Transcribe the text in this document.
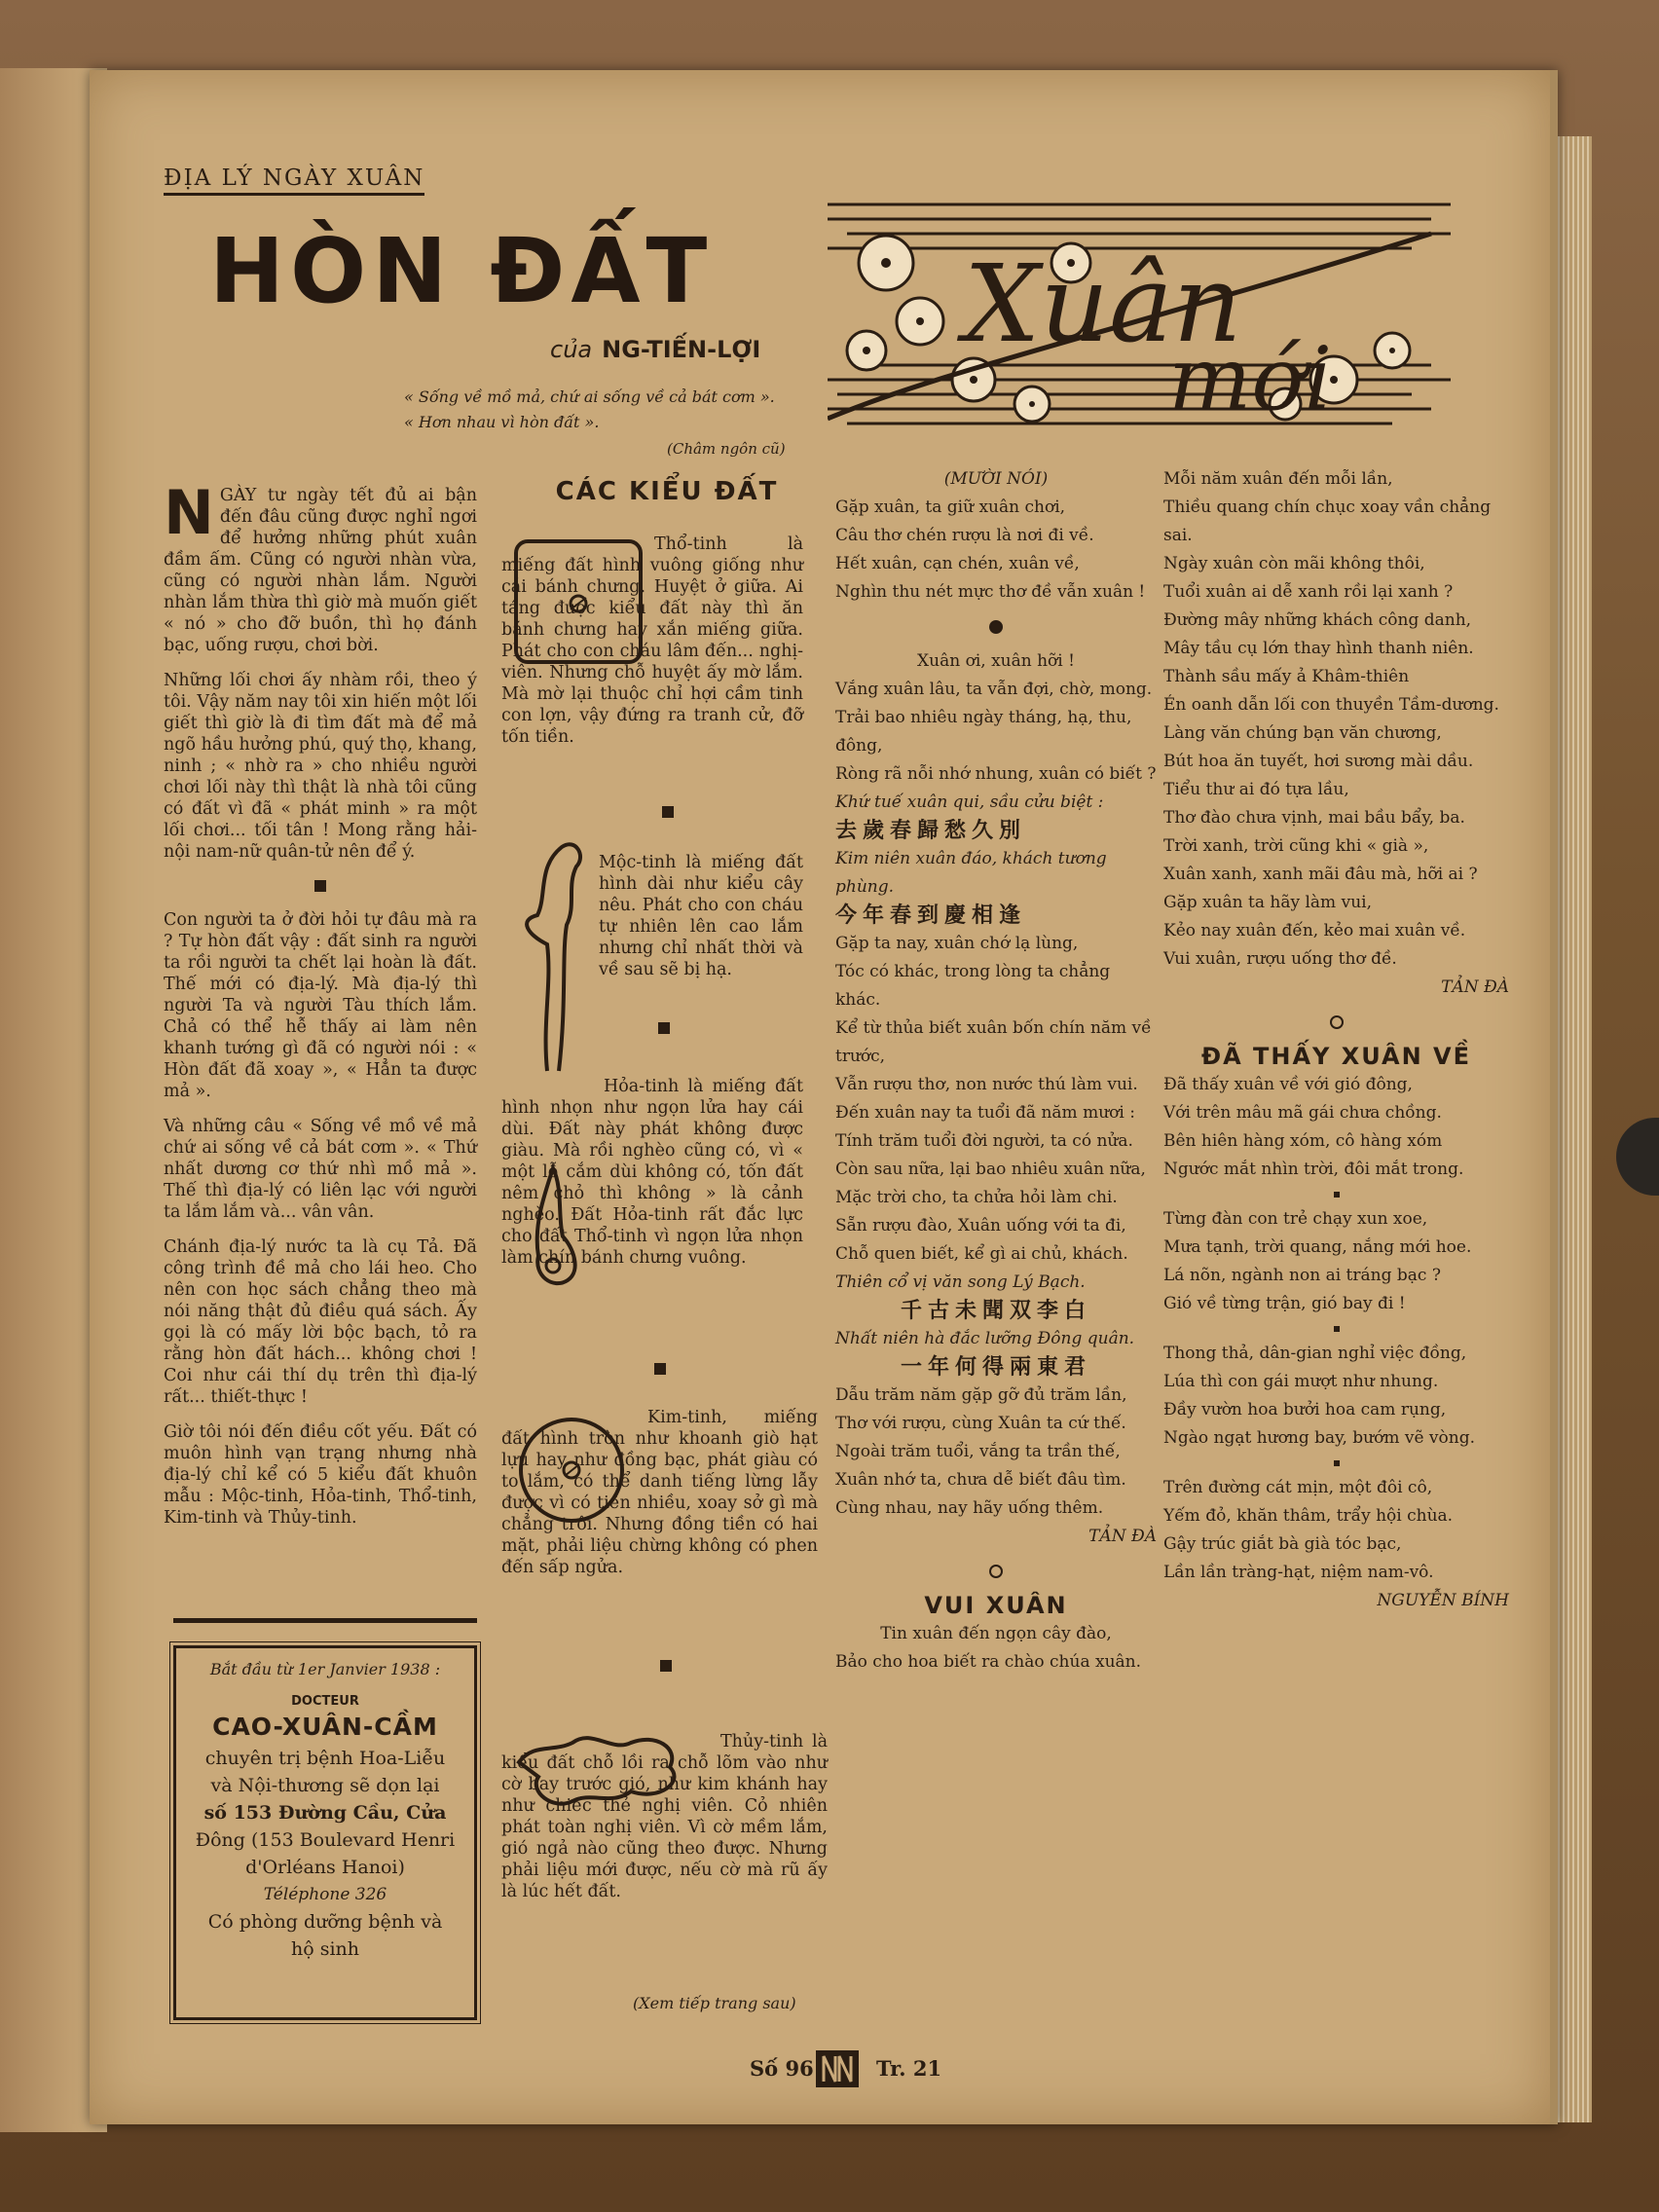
ĐỊA LÝ NGÀY XUÂN
HÒN ĐẤT
của NG-TIẾN-LỢI
« Sống về mồ mả, chứ ai sống về cả bát cơm ».
« Hơn nhau vì hòn đất ».
(Châm ngôn cũ)
Xuân
mới

NGÀY tư ngày tết đủ ai bận đến đâu cũng được nghỉ ngơi để hưởng những phút xuân đầm ấm. Cũng có người nhàn vừa, cũng có người nhàn lắm. Người nhàn lắm thừa thì giờ mà muốn giết « nó » cho đỡ buồn, thì họ đánh bạc, uống rượu, chơi bời.

Những lối chơi ấy nhàm rồi, theo ý tôi. Vậy năm nay tôi xin hiến một lối giết thì giờ là đi tìm đất mà để mả ngõ hầu hưởng phú, quý thọ, khang, ninh ; « nhờ ra » cho nhiều người chơi lối này thì thật là nhà tôi cũng có đất vì đã « phát minh » ra một lối chơi... tối tân ! Mong rằng hải-nội nam-nữ quân-tử nên để ý.

Con người ta ở đời hỏi tự đâu mà ra ? Tự hòn đất vậy : đất sinh ra người ta rồi người ta chết lại hoàn là đất. Thế mới có địa-lý. Mà địa-lý thì người Ta và người Tàu thích lắm. Chả có thể hễ thấy ai làm nên khanh tướng gì đã có người nói : « Hòn đất đã xoay », « Hẳn ta được mả ».

Và những câu « Sống về mồ về mả chứ ai sống về cả bát cơm ». « Thứ nhất dương cơ thứ nhì mồ mả ». Thế thì địa-lý có liên lạc với người ta lắm lắm và... vân vân.

Chánh địa-lý nước ta là cụ Tả. Đã công trình đề mả cho lái heo. Cho nên con học sách chẳng theo mà nói năng thật đủ điều quá sách. Ấy gọi là có mấy lời bộc bạch, tỏ ra rằng hòn đất hách... không chơi ! Coi như cái thí dụ trên thì địa-lý rất... thiết-thực !

Giờ tôi nói đến điều cốt yếu. Đất có muôn hình vạn trạng nhưng nhà địa-lý chỉ kể có 5 kiểu đất khuôn mẫu : Mộc-tinh, Hỏa-tinh, Thổ-tinh, Kim-tinh và Thủy-tinh.

Bắt đầu từ 1er Janvier 1938 :
DOCTEUR
CAO-XUÂN-CẦM
chuyên trị bệnh Hoa-Liễu
và Nội-thương sẽ dọn lại
số 153 Đường Cầu, Cửa
Đông (153 Boulevard Henri
d'Orléans Hanoi)
Téléphone 326
Có phòng dưỡng bệnh và
hộ sinh
CÁC KIỂU ĐẤT
Thổ-tinh là miếng đất hình vuông giống như cái bánh chưng. Huyệt ở giữa. Ai táng được kiểu đất này thì ăn bánh chưng hay xắn miếng giữa. Phát cho con cháu lâm đến... nghị-viên. Nhưng chỗ huyệt ấy mờ lắm. Mà mờ lại thuộc chỉ hợi cầm tinh con lợn, vậy đứng ra tranh cử, đỡ tốn tiền.
Mộc-tinh là miếng đất hình dài như kiểu cây nêu. Phát cho con cháu tự nhiên lên cao lắm nhưng chỉ nhất thời và về sau sẽ bị hạ.
Hỏa-tinh là miếng đất hình nhọn như ngọn lửa hay cái dùi. Đất này phát không được giàu. Mà rồi nghèo cũng có, vì « một lỗ cắm dùi không có, tốn đất nêm chỏ thì không » là cảnh nghèo. Đất Hỏa-tinh rất đắc lực cho đất Thổ-tinh vì ngọn lửa nhọn làm chín bánh chưng vuông.
Kim-tinh, miếng đất hình tròn như khoanh giò hạt lựu hay như đồng bạc, phát giàu có to lắm, có thể danh tiếng lừng lẫy được vì có tiền nhiều, xoay sở gì mà chẳng trôi. Nhưng đồng tiền có hai mặt, phải liệu chừng không có phen đến sấp ngửa.
Thủy-tinh là kiểu đất chỗ lồi ra chỗ lõm vào như cờ bay trước gió, như kim khánh hay như chiếc thẻ nghị viên. Cỏ nhiên phát toàn nghị viên. Vì cờ mềm lắm, gió ngả nào cũng theo được. Nhưng phải liệu mới được, nếu cờ mà rũ ấy là lúc hết đất.
(Xem tiếp trang sau)
(MƯỜI NÓI)
Gặp xuân, ta giữ xuân chơi,
Câu thơ chén rượu là nơi đi về.
Hết xuân, cạn chén, xuân về,
Nghìn thu nét mực thơ đề vẫn xuân !
Xuân ơi, xuân hỡi !
Vắng xuân lâu, ta vẫn đợi, chờ, mong.
Trải bao nhiêu ngày tháng, hạ, thu, đông,
Ròng rã nỗi nhớ nhung, xuân có biết ?
Khứ tuế xuân qui, sầu cửu biệt :
去歲春歸愁久別
Kim niên xuân đáo, khách tương phùng.
今年春到慶相逢
Gặp ta nay, xuân chớ lạ lùng,
Tóc có khác, trong lòng ta chẳng khác.
Kể từ thủa biết xuân bốn chín năm về trước,
Vẫn rượu thơ, non nước thú làm vui.
Đến xuân nay ta tuổi đã năm mươi :
Tính trăm tuổi đời người, ta có nửa.
Còn sau nữa, lại bao nhiêu xuân nữa,
Mặc trời cho, ta chửa hỏi làm chi.
Sẵn rượu đào, Xuân uống với ta đi,
Chỗ quen biết, kể gì ai chủ, khách.
Thiên cổ vị văn song Lý Bạch.
千古未聞双李白
Nhất niên hà đắc lưỡng Đông quân.
一年何得兩東君
Dẫu trăm năm gặp gỡ đủ trăm lần,
Thơ với rượu, cùng Xuân ta cứ thế.
Ngoài trăm tuổi, vắng ta trần thế,
Xuân nhớ ta, chưa dễ biết đâu tìm.
Cùng nhau, nay hãy uống thêm.
TẢN ĐÀ
VUI XUÂN
Tin xuân đến ngọn cây đào,
Bảo cho hoa biết ra chào chúa xuân.
Mỗi năm xuân đến mỗi lần,
Thiều quang chín chục xoay vần chẳng sai.
Ngày xuân còn mãi không thôi,
Tuổi xuân ai dễ xanh rồi lại xanh ?
Đường mây những khách công danh,
Mây tầu cụ lớn thay hình thanh niên.
Thành sầu mấy ả Khâm-thiên
Én oanh dẫn lối con thuyền Tầm-dương.
Làng văn chúng bạn văn chương,
Bút hoa ăn tuyết, hơi sương mài dầu.
Tiểu thư ai đó tựa lầu,
Thơ đào chưa vịnh, mai bầu bẩy, ba.
Trời xanh, trời cũng khi « già »,
Xuân xanh, xanh mãi đâu mà, hỡi ai ?
Gặp xuân ta hãy làm vui,
Kẻo nay xuân đến, kẻo mai xuân về.
Vui xuân, rượu uống thơ đề.
TẢN ĐÀ
ĐÃ THẤY XUÂN VỀ
Đã thấy xuân về với gió đông,
Với trên mâu mã gái chưa chồng.
Bên hiên hàng xóm, cô hàng xóm
Ngước mắt nhìn trời, đôi mắt trong.
Từng đàn con trẻ chạy xun xoe,
Mưa tạnh, trời quang, nắng mới hoe.
Lá nõn, ngành non ai tráng bạc ?
Gió về từng trận, gió bay đi !
Thong thả, dân-gian nghỉ việc đồng,
Lúa thì con gái mượt như nhung.
Đầy vườn hoa bưởi hoa cam rụng,
Ngào ngạt hương bay, bướm vẽ vòng.
Trên đường cát mịn, một đôi cô,
Yếm đỏ, khăn thâm, trẩy hội chùa.
Gậy trúc giắt bà già tóc bạc,
Lần lần tràng-hạt, niệm nam-vô.
NGUYỄN BÍNH
Số 96	Tr. 21
